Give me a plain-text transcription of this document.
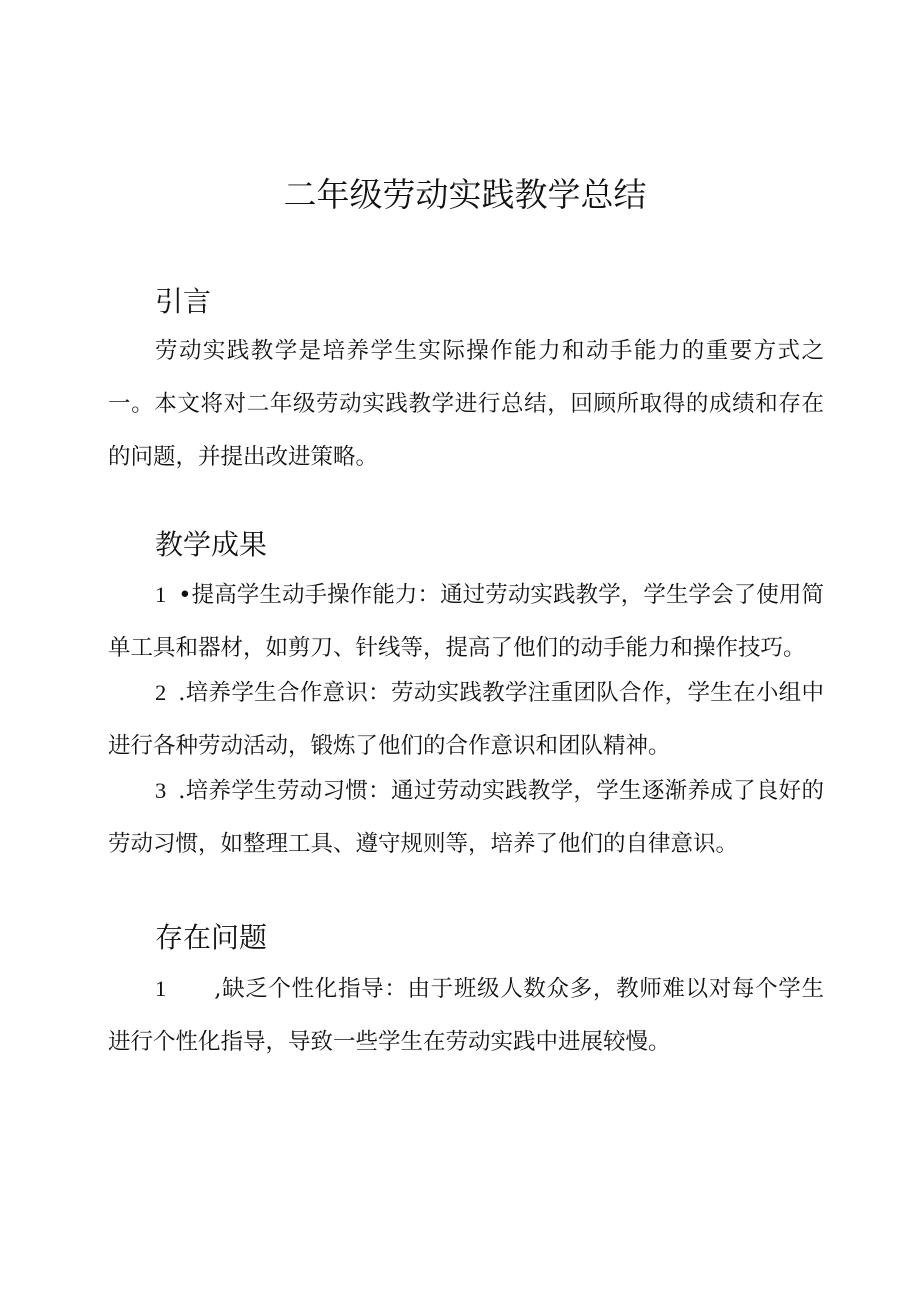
二年级劳动实践教学总结
引言

劳动实践教学是培养学生实际操作能力和动手能力的重要方式之一。本文将对二年级劳动实践教学进行总结，回顾所取得的成绩和存在的问题，并提出改进策略。

教学成果

1 •提高学生动手操作能力：通过劳动实践教学，学生学会了使用简单工具和器材，如剪刀、针线等，提高了他们的动手能力和操作技巧。

2 .培养学生合作意识：劳动实践教学注重团队合作，学生在小组中进行各种劳动活动，锻炼了他们的合作意识和团队精神。

3 .培养学生劳动习惯：通过劳动实践教学，学生逐渐养成了良好的劳动习惯，如整理工具、遵守规则等，培养了他们的自律意识。

存在问题

1 ,缺乏个性化指导：由于班级人数众多，教师难以对每个学生进行个性化指导，导致一些学生在劳动实践中进展较慢。
